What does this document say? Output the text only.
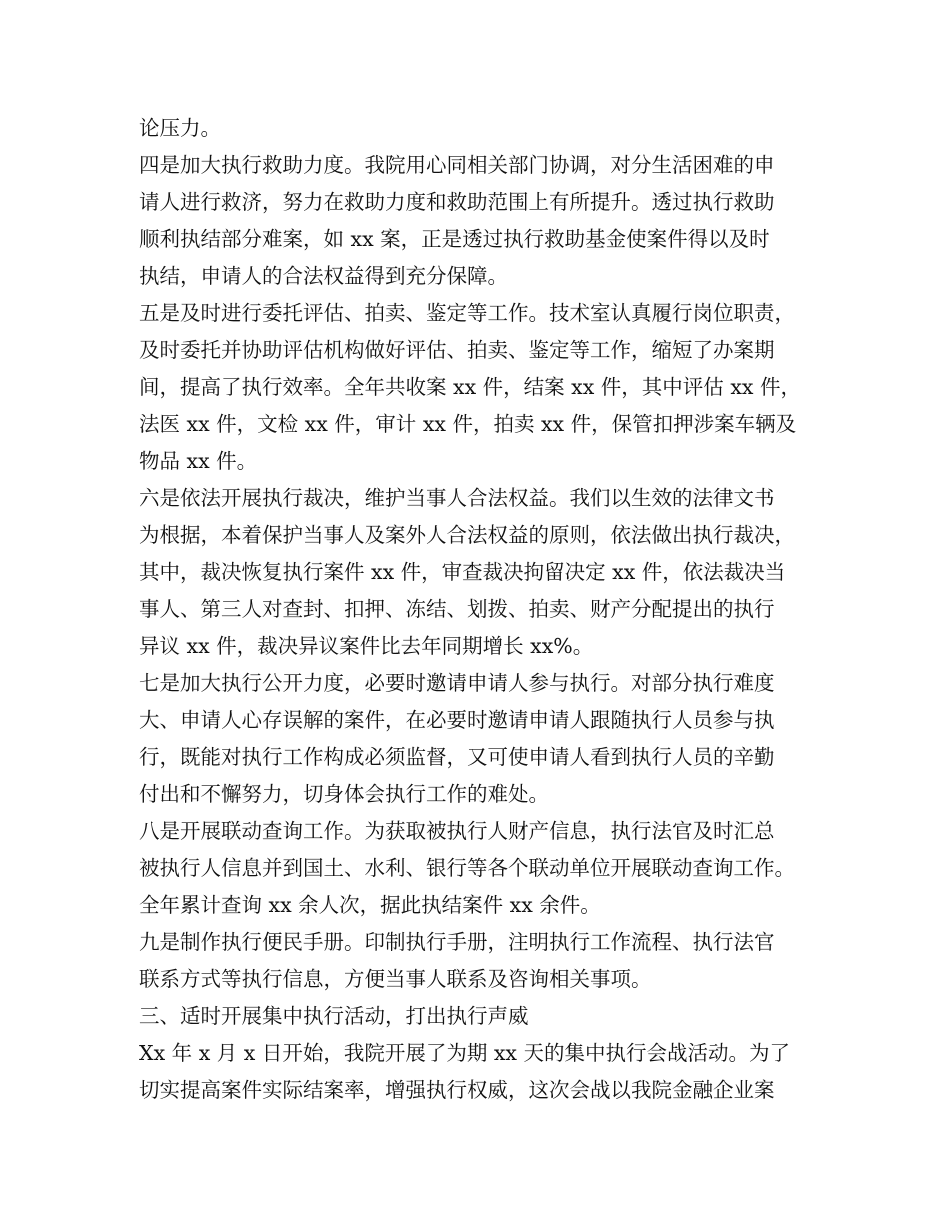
论压力。
四是加大执行救助力度。我院用心同相关部门协调，对分生活困难的申
请人进行救济，努力在救助力度和救助范围上有所提升。透过执行救助
顺利执结部分难案，如 xx 案，正是透过执行救助基金使案件得以及时
执结，申请人的合法权益得到充分保障。
五是及时进行委托评估、拍卖、鉴定等工作。技术室认真履行岗位职责，
及时委托并协助评估机构做好评估、拍卖、鉴定等工作，缩短了办案期
间，提高了执行效率。全年共收案 xx 件，结案 xx 件，其中评估 xx 件，
法医 xx 件，文检 xx 件，审计 xx 件，拍卖 xx 件，保管扣押涉案车辆及
物品 xx 件。
六是依法开展执行裁决，维护当事人合法权益。我们以生效的法律文书
为根据，本着保护当事人及案外人合法权益的原则，依法做出执行裁决，
其中，裁决恢复执行案件 xx 件，审查裁决拘留决定 xx 件，依法裁决当
事人、第三人对查封、扣押、冻结、划拨、拍卖、财产分配提出的执行
异议 xx 件，裁决异议案件比去年同期增长 xx%。
七是加大执行公开力度，必要时邀请申请人参与执行。对部分执行难度
大、申请人心存误解的案件，在必要时邀请申请人跟随执行人员参与执
行，既能对执行工作构成必须监督，又可使申请人看到执行人员的辛勤
付出和不懈努力，切身体会执行工作的难处。
八是开展联动查询工作。为获取被执行人财产信息，执行法官及时汇总
被执行人信息并到国土、水利、银行等各个联动单位开展联动查询工作。
全年累计查询 xx 余人次，据此执结案件 xx 余件。
九是制作执行便民手册。印制执行手册，注明执行工作流程、执行法官
联系方式等执行信息，方便当事人联系及咨询相关事项。
三、适时开展集中执行活动，打出执行声威
Xx 年 x 月 x 日开始，我院开展了为期 xx 天的集中执行会战活动。为了
切实提高案件实际结案率，增强执行权威，这次会战以我院金融企业案
